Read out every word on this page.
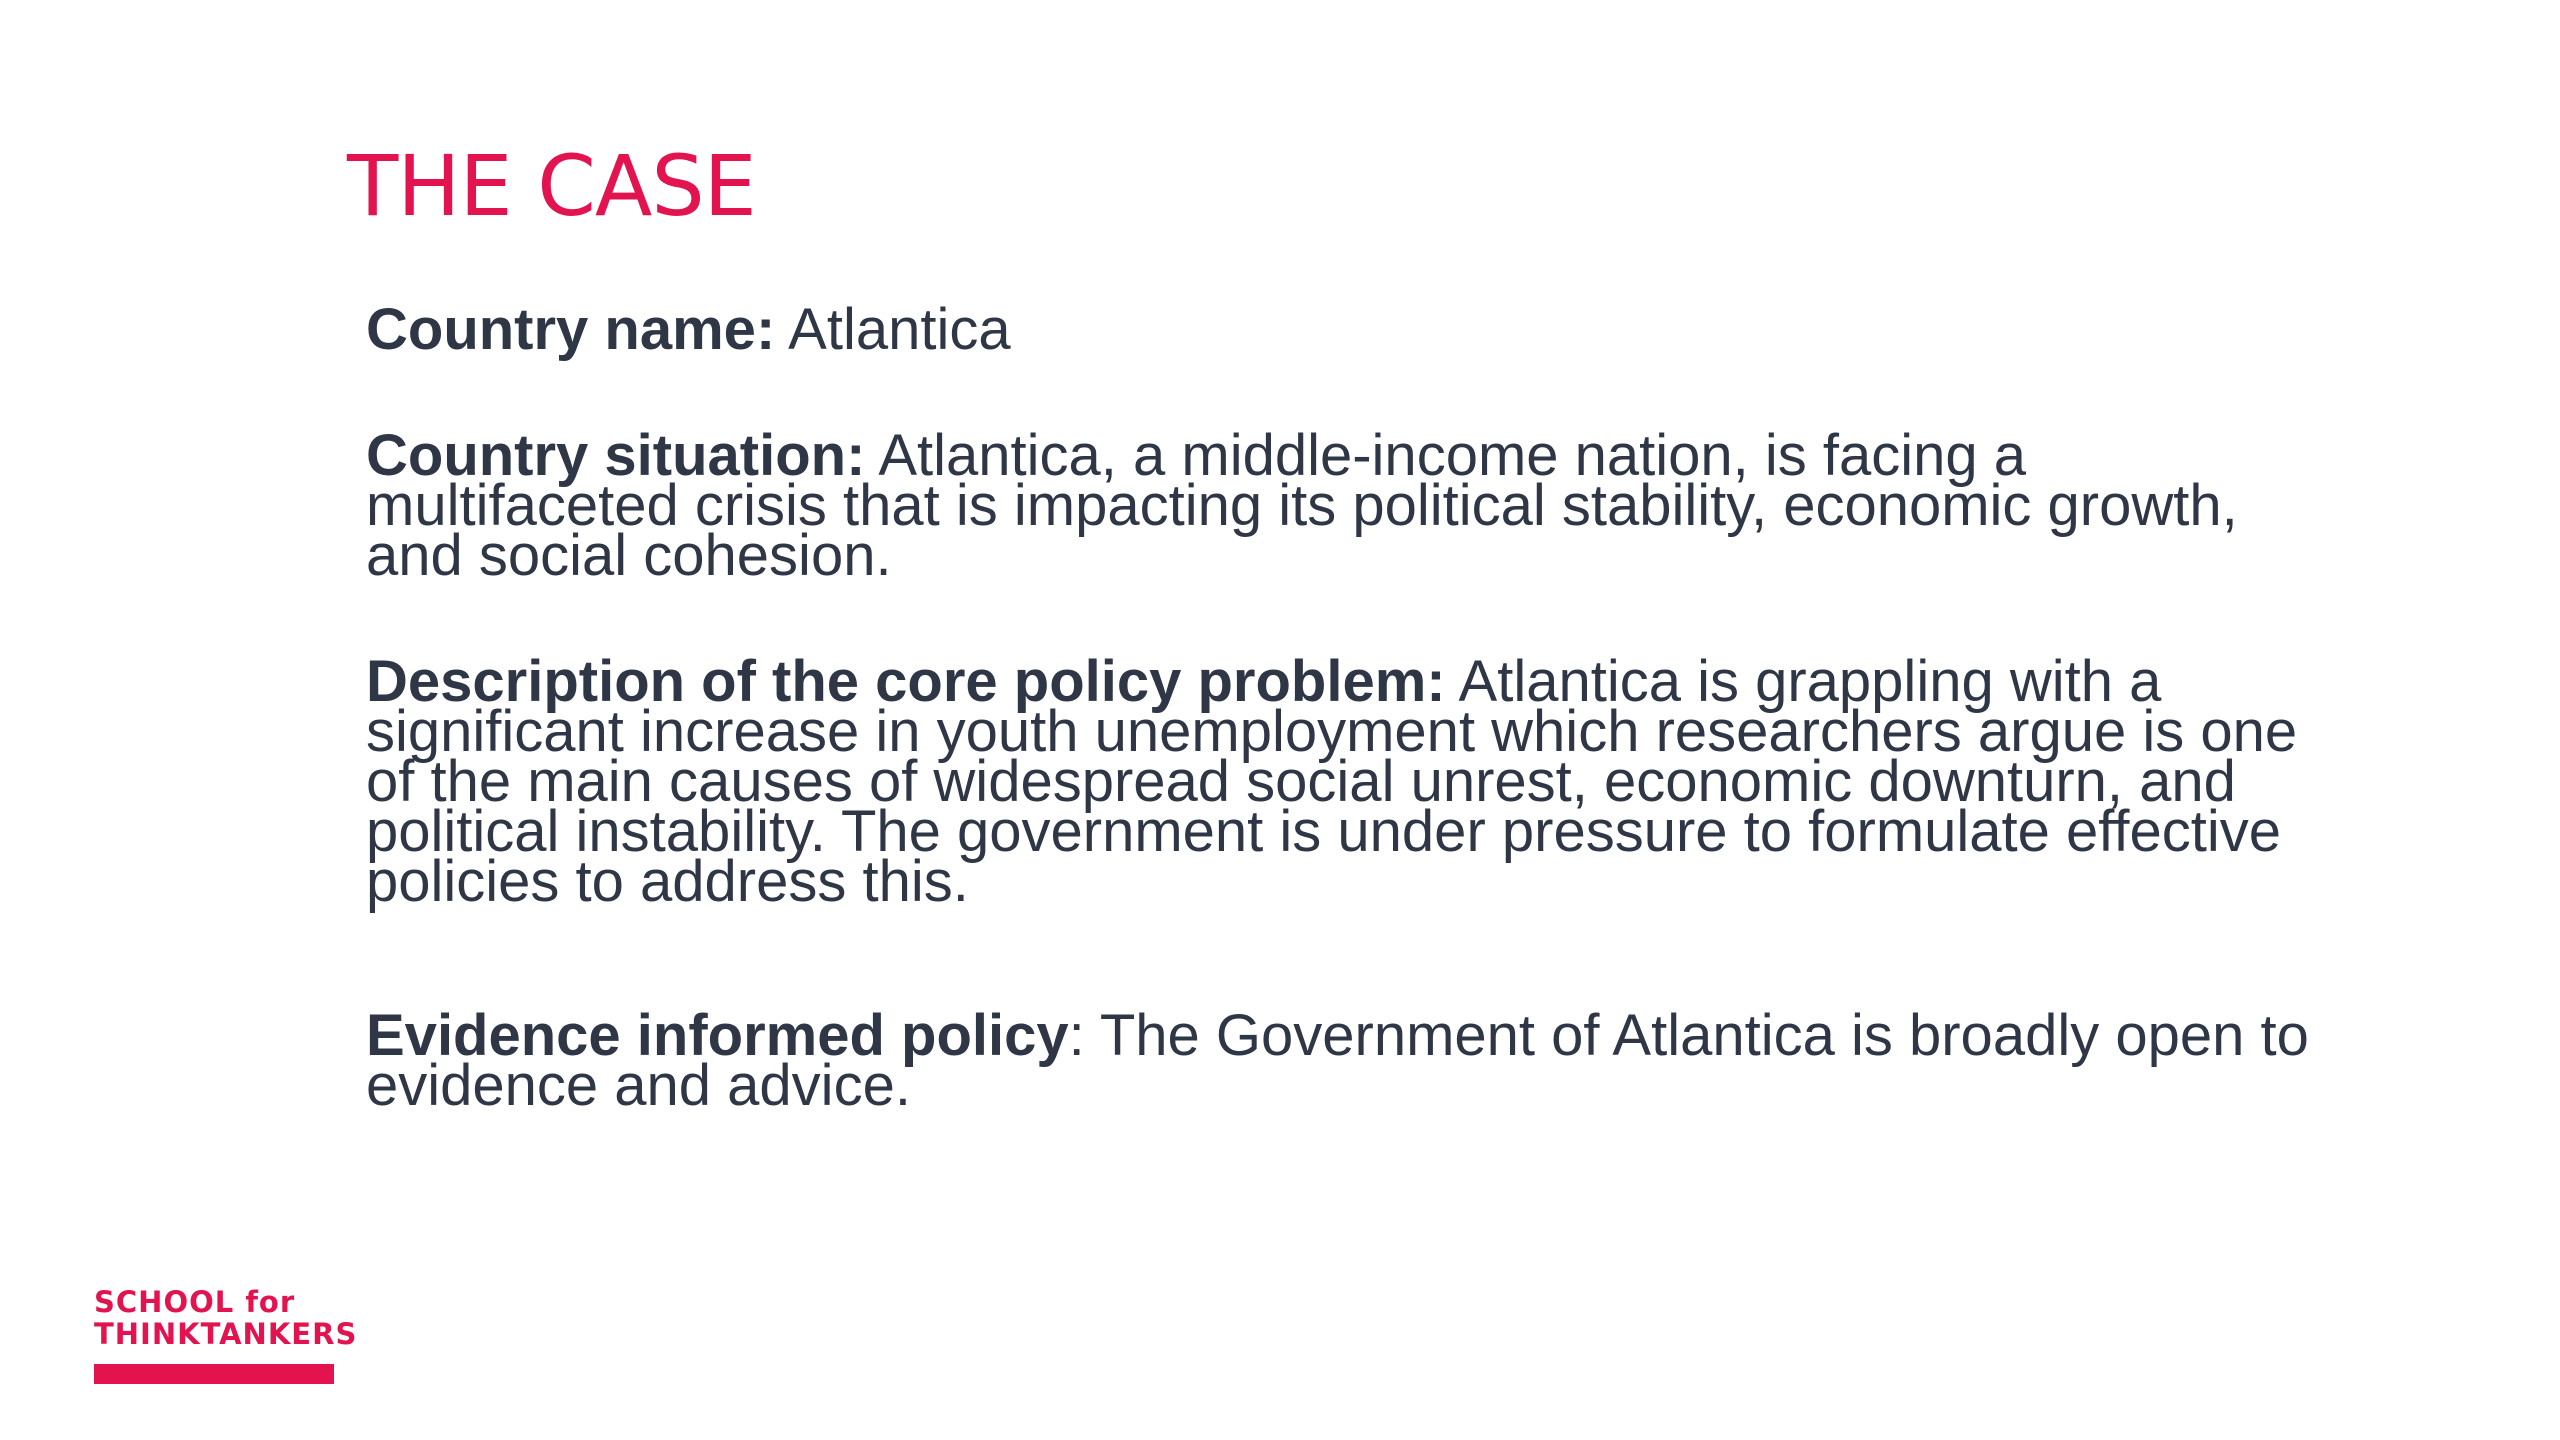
THE CASE

Country name: Atlantica

Country situation: Atlantica, a middle-income nation, is facing a
multifaceted crisis that is impacting its political stability, economic growth,
and social cohesion.

Description of the core policy problem: Atlantica is grappling with a
significant increase in youth unemployment which researchers argue is one
of the main causes of widespread social unrest, economic downturn, and
political instability. The government is under pressure to formulate effective
policies to address this.

Evidence informed policy: The Government of Atlantica is broadly open to
evidence and advice.

SCHOOL for
THINKTANKERS
